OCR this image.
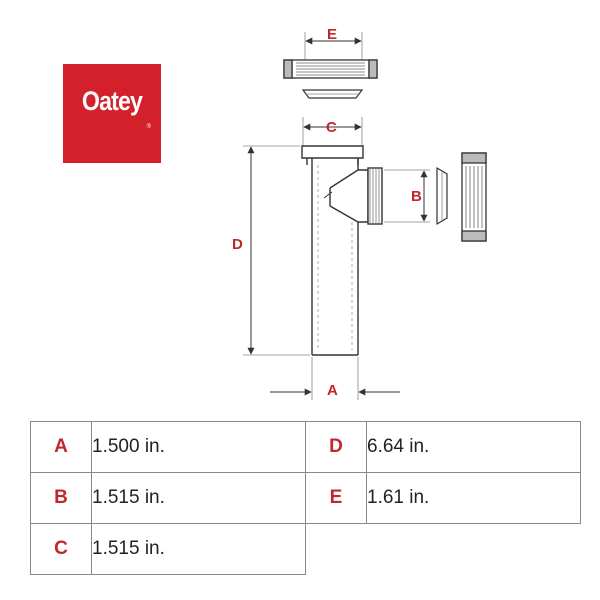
Oatey
®
E
C
B
D
A
A	1.500 in.	D	6.64 in.
B	1.515 in.	E	1.61 in.
C	1.515 in.		
